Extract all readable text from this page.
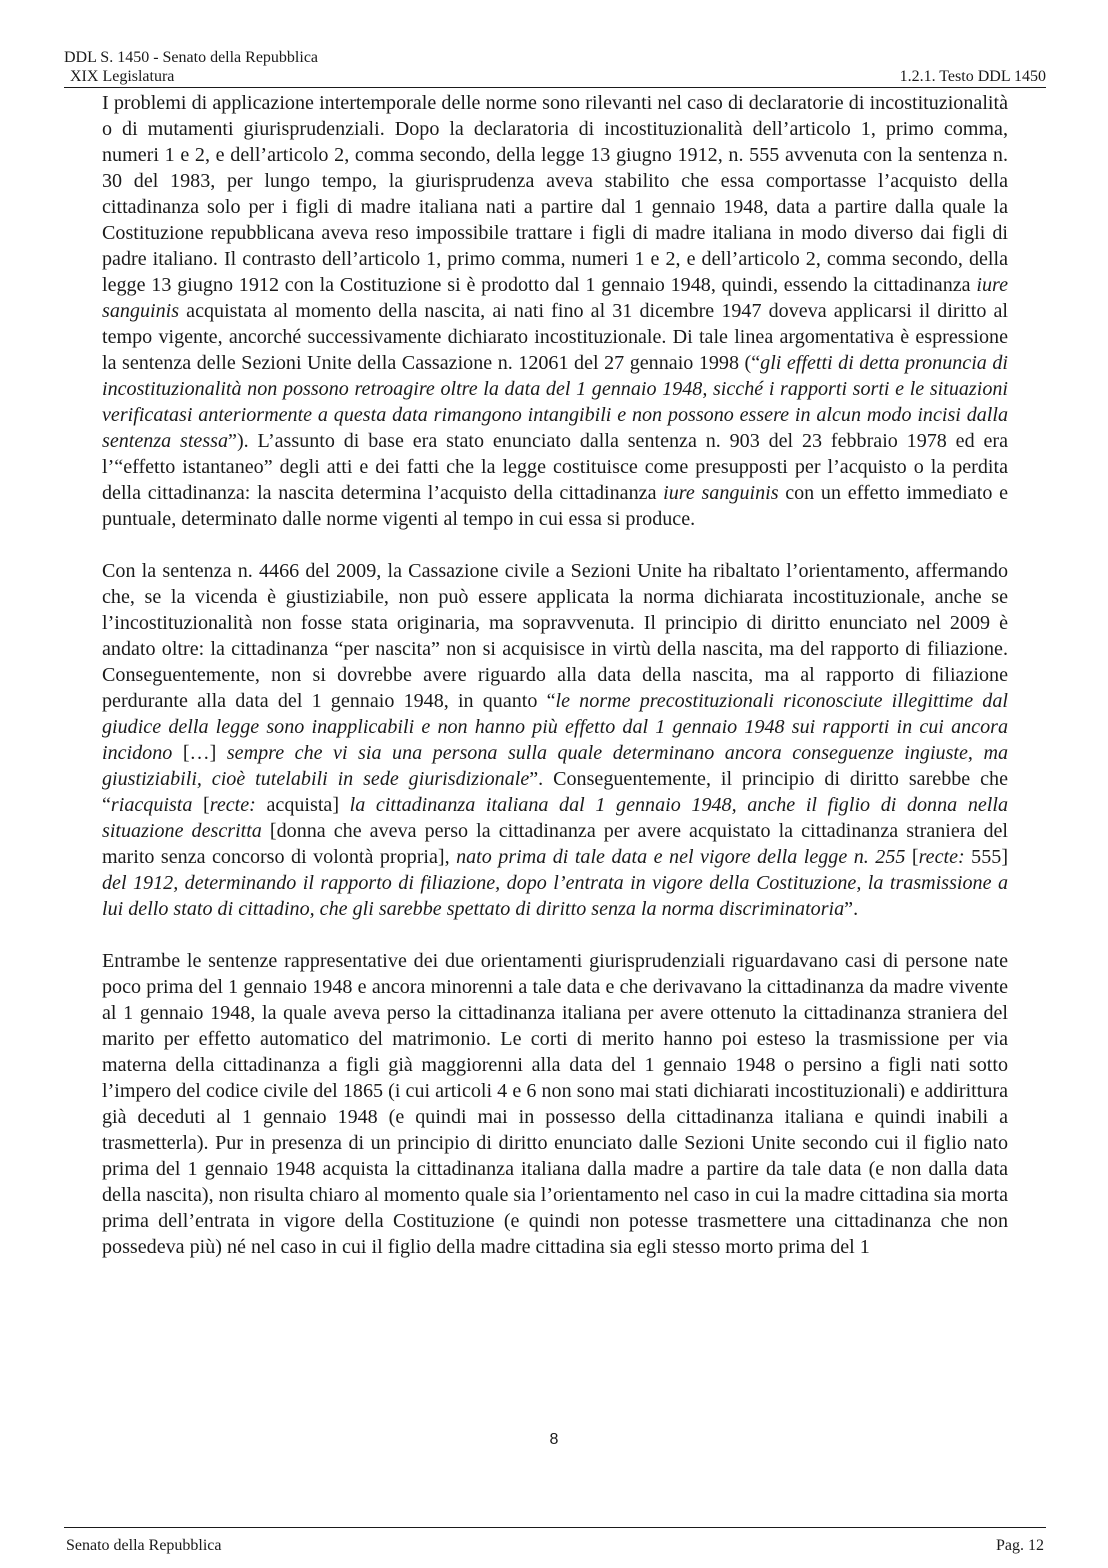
DDL S. 1450 - Senato della Repubblica
XIX Legislatura	1.2.1. Testo DDL 1450

I problemi di applicazione intertemporale delle norme sono rilevanti nel caso di declaratorie di incostituzionalità o di mutamenti giurisprudenziali. Dopo la declaratoria di incostituzionalità dell’articolo 1, primo comma, numeri 1 e 2, e dell’articolo 2, comma secondo, della legge 13 giugno 1912, n. 555 avvenuta con la sentenza n. 30 del 1983, per lungo tempo, la giurisprudenza aveva stabilito che essa comportasse l’acquisto della cittadinanza solo per i figli di madre italiana nati a partire dal 1 gennaio 1948, data a partire dalla quale la Costituzione repubblicana aveva reso impossibile trattare i figli di madre italiana in modo diverso dai figli di padre italiano. Il contrasto dell’articolo 1, primo comma, numeri 1 e 2, e dell’articolo 2, comma secondo, della legge 13 giugno 1912 con la Costituzione si è prodotto dal 1 gennaio 1948, quindi, essendo la cittadinanza iure sanguinis acquistata al momento della nascita, ai nati fino al 31 dicembre 1947 doveva applicarsi il diritto al tempo vigente, ancorché successivamente dichiarato incostituzionale. Di tale linea argomentativa è espressione la sentenza delle Sezioni Unite della Cassazione n. 12061 del 27 gennaio 1998 (“gli effetti di detta pronuncia di incostituzionalità non possono retroagire oltre la data del 1 gennaio 1948, sicché i rapporti sorti e le situazioni verificatasi anteriormente a questa data rimangono intangibili e non possono essere in alcun modo incisi dalla sentenza stessa”). L’assunto di base era stato enunciato dalla sentenza n. 903 del 23 febbraio 1978 ed era l’“effetto istantaneo” degli atti e dei fatti che la legge costituisce come presupposti per l’acquisto o la perdita della cittadinanza: la nascita determina l’acquisto della cittadinanza iure sanguinis con un effetto immediato e puntuale, determinato dalle norme vigenti al tempo in cui essa si produce.

Con la sentenza n. 4466 del 2009, la Cassazione civile a Sezioni Unite ha ribaltato l’orientamento, affermando che, se la vicenda è giustiziabile, non può essere applicata la norma dichiarata incostituzionale, anche se l’incostituzionalità non fosse stata originaria, ma sopravvenuta. Il principio di diritto enunciato nel 2009 è andato oltre: la cittadinanza “per nascita” non si acquisisce in virtù della nascita, ma del rapporto di filiazione. Conseguentemente, non si dovrebbe avere riguardo alla data della nascita, ma al rapporto di filiazione perdurante alla data del 1 gennaio 1948, in quanto “le norme precostituzionali riconosciute illegittime dal giudice della legge sono inapplicabili e non hanno più effetto dal 1 gennaio 1948 sui rapporti in cui ancora incidono […] sempre che vi sia una persona sulla quale determinano ancora conseguenze ingiuste, ma giustiziabili, cioè tutelabili in sede giurisdizionale”. Conseguentemente, il principio di diritto sarebbe che “riacquista [recte: acquista] la cittadinanza italiana dal 1 gennaio 1948, anche il figlio di donna nella situazione descritta [donna che aveva perso la cittadinanza per avere acquistato la cittadinanza straniera del marito senza concorso di volontà propria], nato prima di tale data e nel vigore della legge n. 255 [recte: 555] del 1912, determinando il rapporto di filiazione, dopo l’entrata in vigore della Costituzione, la trasmissione a lui dello stato di cittadino, che gli sarebbe spettato di diritto senza la norma discriminatoria”.

Entrambe le sentenze rappresentative dei due orientamenti giurisprudenziali riguardavano casi di persone nate poco prima del 1 gennaio 1948 e ancora minorenni a tale data e che derivavano la cittadinanza da madre vivente al 1 gennaio 1948, la quale aveva perso la cittadinanza italiana per avere ottenuto la cittadinanza straniera del marito per effetto automatico del matrimonio. Le corti di merito hanno poi esteso la trasmissione per via materna della cittadinanza a figli già maggiorenni alla data del 1 gennaio 1948 o persino a figli nati sotto l’impero del codice civile del 1865 (i cui articoli 4 e 6 non sono mai stati dichiarati incostituzionali) e addirittura già deceduti al 1 gennaio 1948 (e quindi mai in possesso della cittadinanza italiana e quindi inabili a trasmetterla). Pur in presenza di un principio di diritto enunciato dalle Sezioni Unite secondo cui il figlio nato prima del 1 gennaio 1948 acquista la cittadinanza italiana dalla madre a partire da tale data (e non dalla data della nascita), non risulta chiaro al momento quale sia l’orientamento nel caso in cui la madre cittadina sia morta prima dell’entrata in vigore della Costituzione (e quindi non potesse trasmettere una cittadinanza che non possedeva più) né nel caso in cui il figlio della madre cittadina sia egli stesso morto prima del 1

8
Senato della Repubblica	Pag. 12
